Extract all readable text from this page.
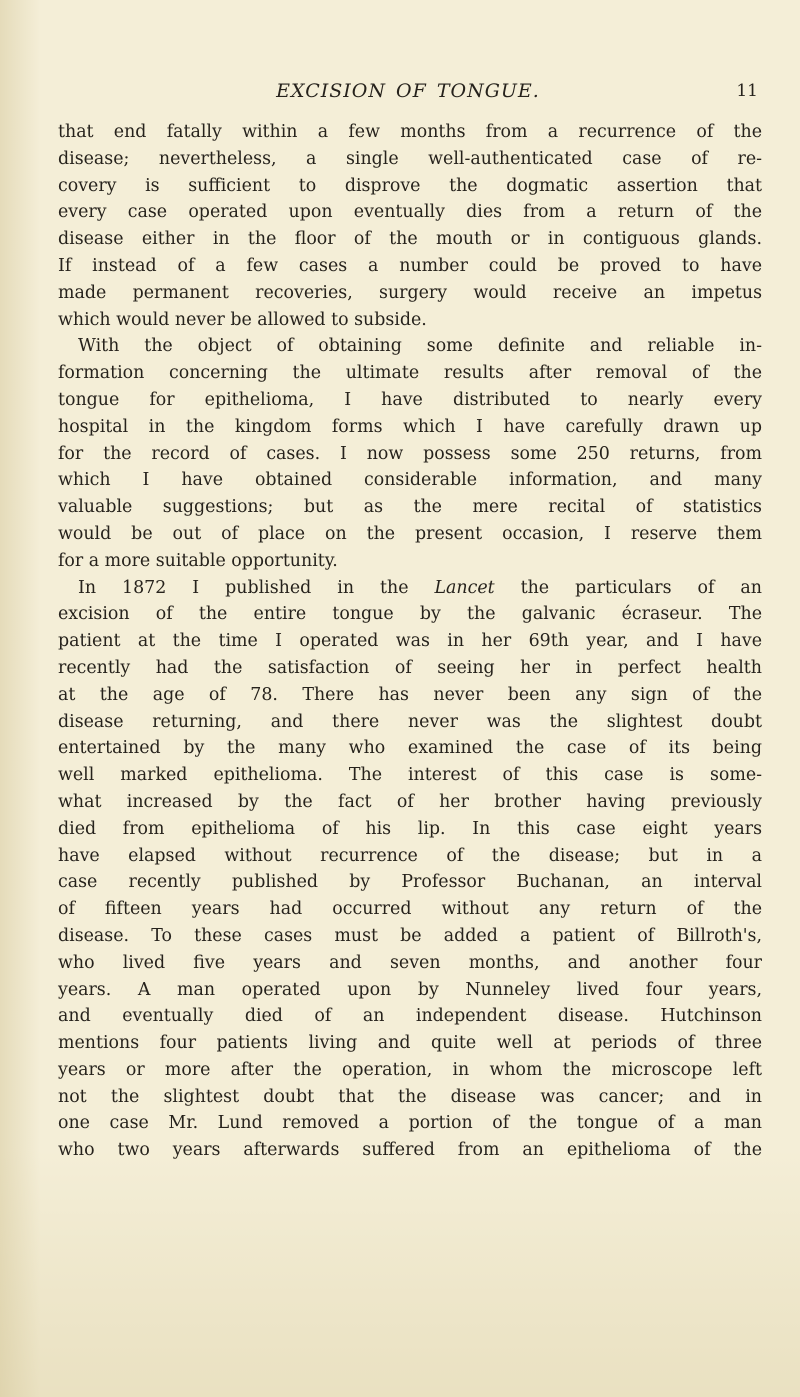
EXCISION OF TONGUE.	11
that end fatally within a few months from a recurrence of the
disease; nevertheless, a single well-authenticated case of re-
covery is sufficient to disprove the dogmatic assertion that
every case operated upon eventually dies from a return of the
disease either in the floor of the mouth or in contiguous glands.
If instead of a few cases a number could be proved to have
made permanent recoveries, surgery would receive an impetus
which would never be allowed to subside.
With the object of obtaining some definite and reliable in-
formation concerning the ultimate results after removal of the
tongue for epithelioma, I have distributed to nearly every
hospital in the kingdom forms which I have carefully drawn up
for the record of cases. I now possess some 250 returns, from
which I have obtained considerable information, and many
valuable suggestions; but as the mere recital of statistics
would be out of place on the present occasion, I reserve them
for a more suitable opportunity.
In 1872 I published in the Lancet the particulars of an
excision of the entire tongue by the galvanic écraseur. The
patient at the time I operated was in her 69th year, and I have
recently had the satisfaction of seeing her in perfect health
at the age of 78. There has never been any sign of the
disease returning, and there never was the slightest doubt
entertained by the many who examined the case of its being
well marked epithelioma. The interest of this case is some-
what increased by the fact of her brother having previously
died from epithelioma of his lip. In this case eight years
have elapsed without recurrence of the disease; but in a
case recently published by Professor Buchanan, an interval
of fifteen years had occurred without any return of the
disease. To these cases must be added a patient of Billroth's,
who lived five years and seven months, and another four
years. A man operated upon by Nunneley lived four years,
and eventually died of an independent disease. Hutchinson
mentions four patients living and quite well at periods of three
years or more after the operation, in whom the microscope left
not the slightest doubt that the disease was cancer; and in
one case Mr. Lund removed a portion of the tongue of a man
who two years afterwards suffered from an epithelioma of the
